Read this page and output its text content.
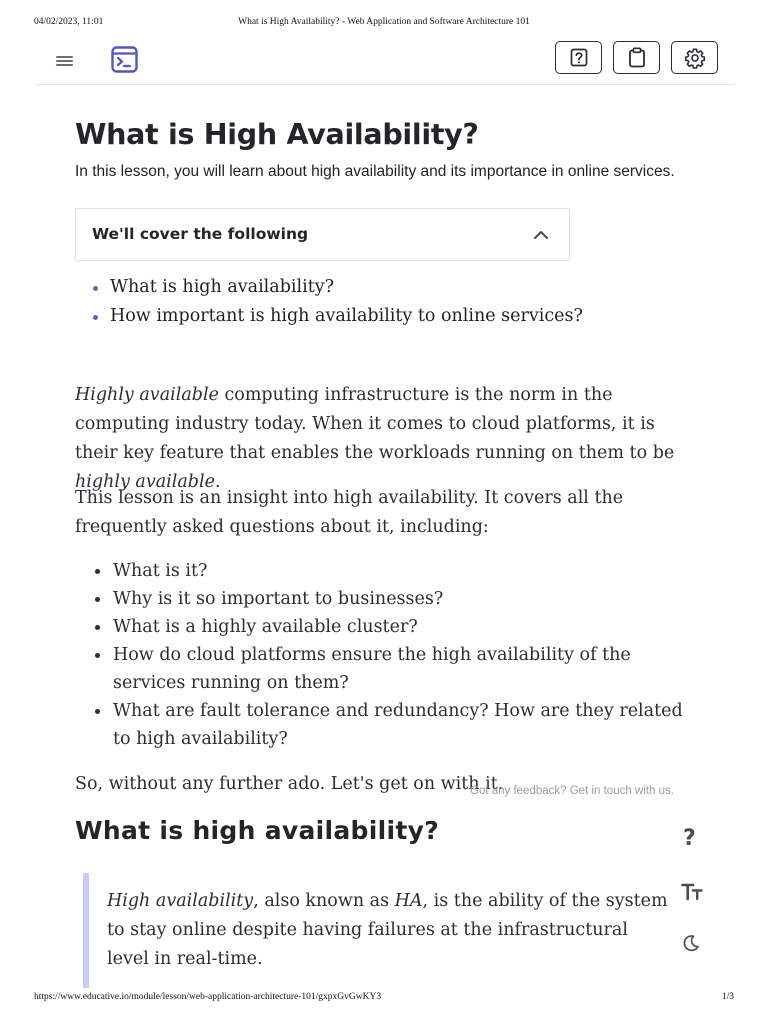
04/02/2023, 11:01	What is High Availability? - Web Application and Software Architecture 101
What is High Availability?

In this lesson, you will learn about high availability and its importance in online services.

We'll cover the following
What is high availability?
How important is high availability to online services?

Highly available computing infrastructure is the norm in the computing industry today. When it comes to cloud platforms, it is their key feature that enables the workloads running on them to be highly available.

This lesson is an insight into high availability. It covers all the frequently asked questions about it, including:

What is it?
Why is it so important to businesses?
What is a highly available cluster?
How do cloud platforms ensure the high availability of the services running on them?
What are fault tolerance and redundancy? How are they related to high availability?

So, without any further ado. Let's get on with it.

Got any feedback? Get in touch with us.
What is high availability?

High availability, also known as HA, is the ability of the system to stay online despite having failures at the infrastructural level in real-time.

?
https://www.educative.io/module/lesson/web-application-architecture-101/gxpxGvGwKY3	1/3
